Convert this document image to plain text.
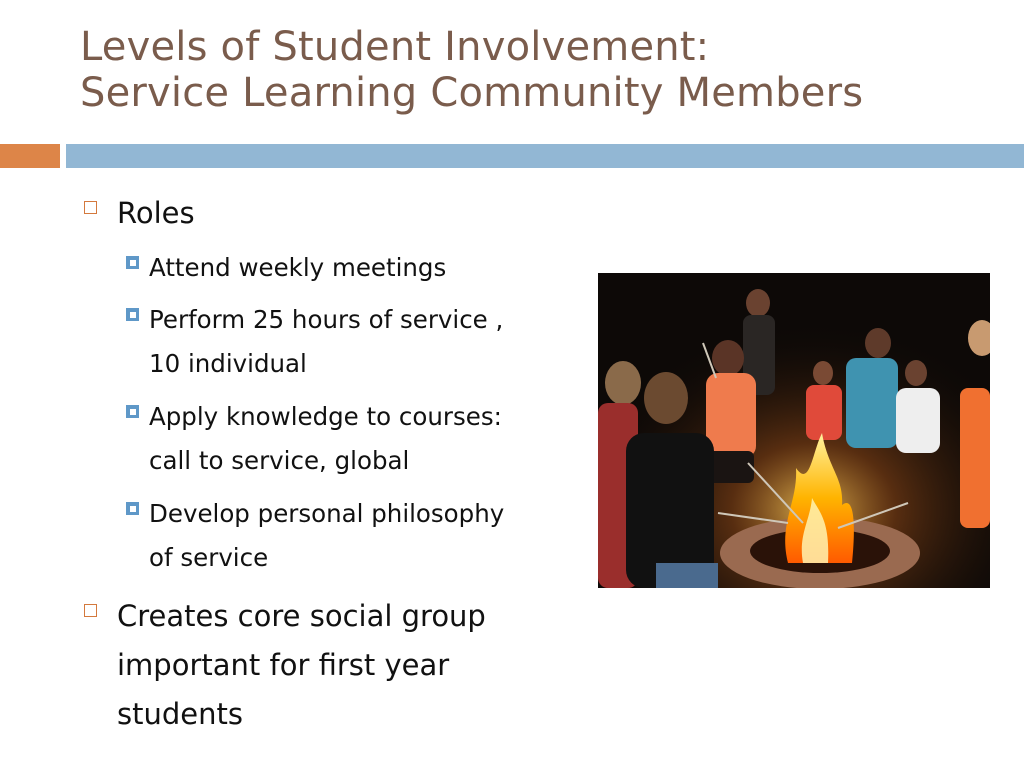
Levels of Student Involvement:
Service Learning Community Members
Roles
Attend weekly meetings
Perform 25 hours of service ,
10 individual
Apply knowledge to courses:
call to service, global
Develop personal philosophy
of service
Creates core social group
important for first year
students
